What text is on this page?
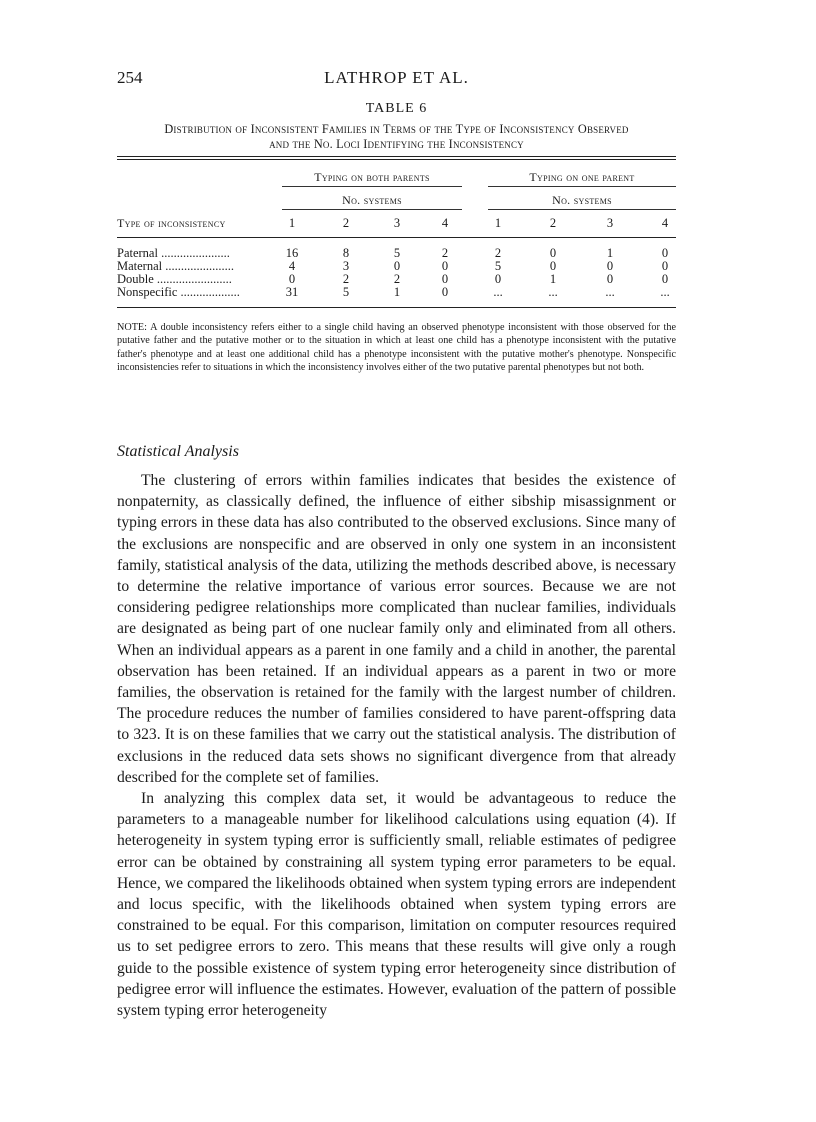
254	LATHROP ET AL.
TABLE 6
Distribution of Inconsistent Families in Terms of the Type of Inconsistency Observed
and the No. Loci Identifying the Inconsistency
Typing on both parents	Typing on one parent
No. systems	No. systems
Type of inconsistency	1	2	3	4	1	2	3	4
Paternal ......................	16	8	5	2	2	0	1	0
Maternal ......................	4	3	0	0	5	0	0	0
Double ........................	0	2	2	0	0	1	0	0
Nonspecific ...................	31	5	1	0	...	...	...	...
NOTE: A double inconsistency refers either to a single child having an observed phenotype inconsistent with those observed for the putative father and the putative mother or to the situation in which at least one child has a phenotype inconsistent with the putative father's phenotype and at least one additional child has a phenotype inconsistent with the putative mother's phenotype. Nonspecific inconsistencies refer to situations in which the inconsistency involves either of the two putative parental phenotypes but not both.
Statistical Analysis

The clustering of errors within families indicates that besides the existence of nonpaternity, as classically defined, the influence of either sibship misassignment or typing errors in these data has also contributed to the observed exclusions. Since many of the exclusions are nonspecific and are observed in only one system in an inconsistent family, statistical analysis of the data, utilizing the methods described above, is necessary to determine the relative importance of various error sources. Because we are not considering pedigree relationships more complicated than nuclear families, individuals are designated as being part of one nuclear family only and eliminated from all others. When an individual appears as a parent in one family and a child in another, the parental observation has been retained. If an individual appears as a parent in two or more families, the observation is retained for the family with the largest number of children. The procedure reduces the number of families considered to have parent-offspring data to 323. It is on these families that we carry out the statistical analysis. The distribution of exclusions in the reduced data sets shows no significant divergence from that already described for the complete set of families.

In analyzing this complex data set, it would be advantageous to reduce the parameters to a manageable number for likelihood calculations using equation (4). If heterogeneity in system typing error is sufficiently small, reliable estimates of pedigree error can be obtained by constraining all system typing error parameters to be equal. Hence, we compared the likelihoods obtained when system typing errors are independent and locus specific, with the likelihoods obtained when system typing errors are constrained to be equal. For this comparison, limitation on computer resources required us to set pedigree errors to zero. This means that these results will give only a rough guide to the possible existence of system typing error heterogeneity since distribution of pedigree error will influence the estimates. However, evaluation of the pattern of possible system typing error heterogeneity
